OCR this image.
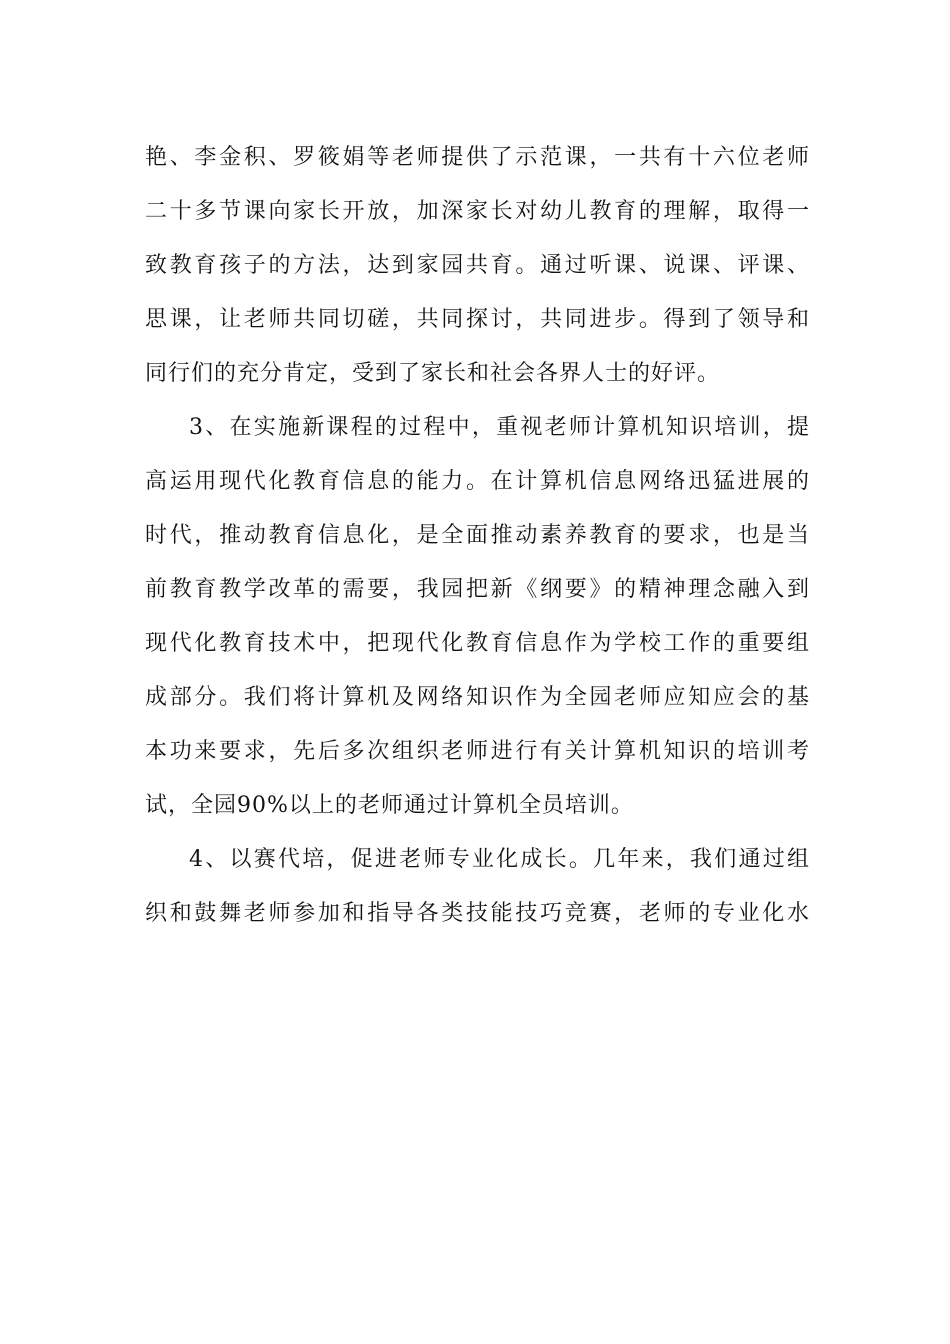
艳、李金积、罗筱娟等老师提供了示范课，一共有十六位老师
二十多节课向家长开放，加深家长对幼儿教育的理解，取得一
致教育孩子的方法，达到家园共育。通过听课、说课、评课、
思课，让老师共同切磋，共同探讨，共同进步。得到了领导和
同行们的充分肯定，受到了家长和社会各界人士的好评。
3、在实施新课程的过程中，重视老师计算机知识培训，提
高运用现代化教育信息的能力。在计算机信息网络迅猛进展的
时代，推动教育信息化，是全面推动素养教育的要求，也是当
前教育教学改革的需要，我园把新《纲要》的精神理念融入到
现代化教育技术中，把现代化教育信息作为学校工作的重要组
成部分。我们将计算机及网络知识作为全园老师应知应会的基
本功来要求，先后多次组织老师进行有关计算机知识的培训考
试，全园90%以上的老师通过计算机全员培训。
4、以赛代培，促进老师专业化成长。几年来，我们通过组
织和鼓舞老师参加和指导各类技能技巧竞赛，老师的专业化水
